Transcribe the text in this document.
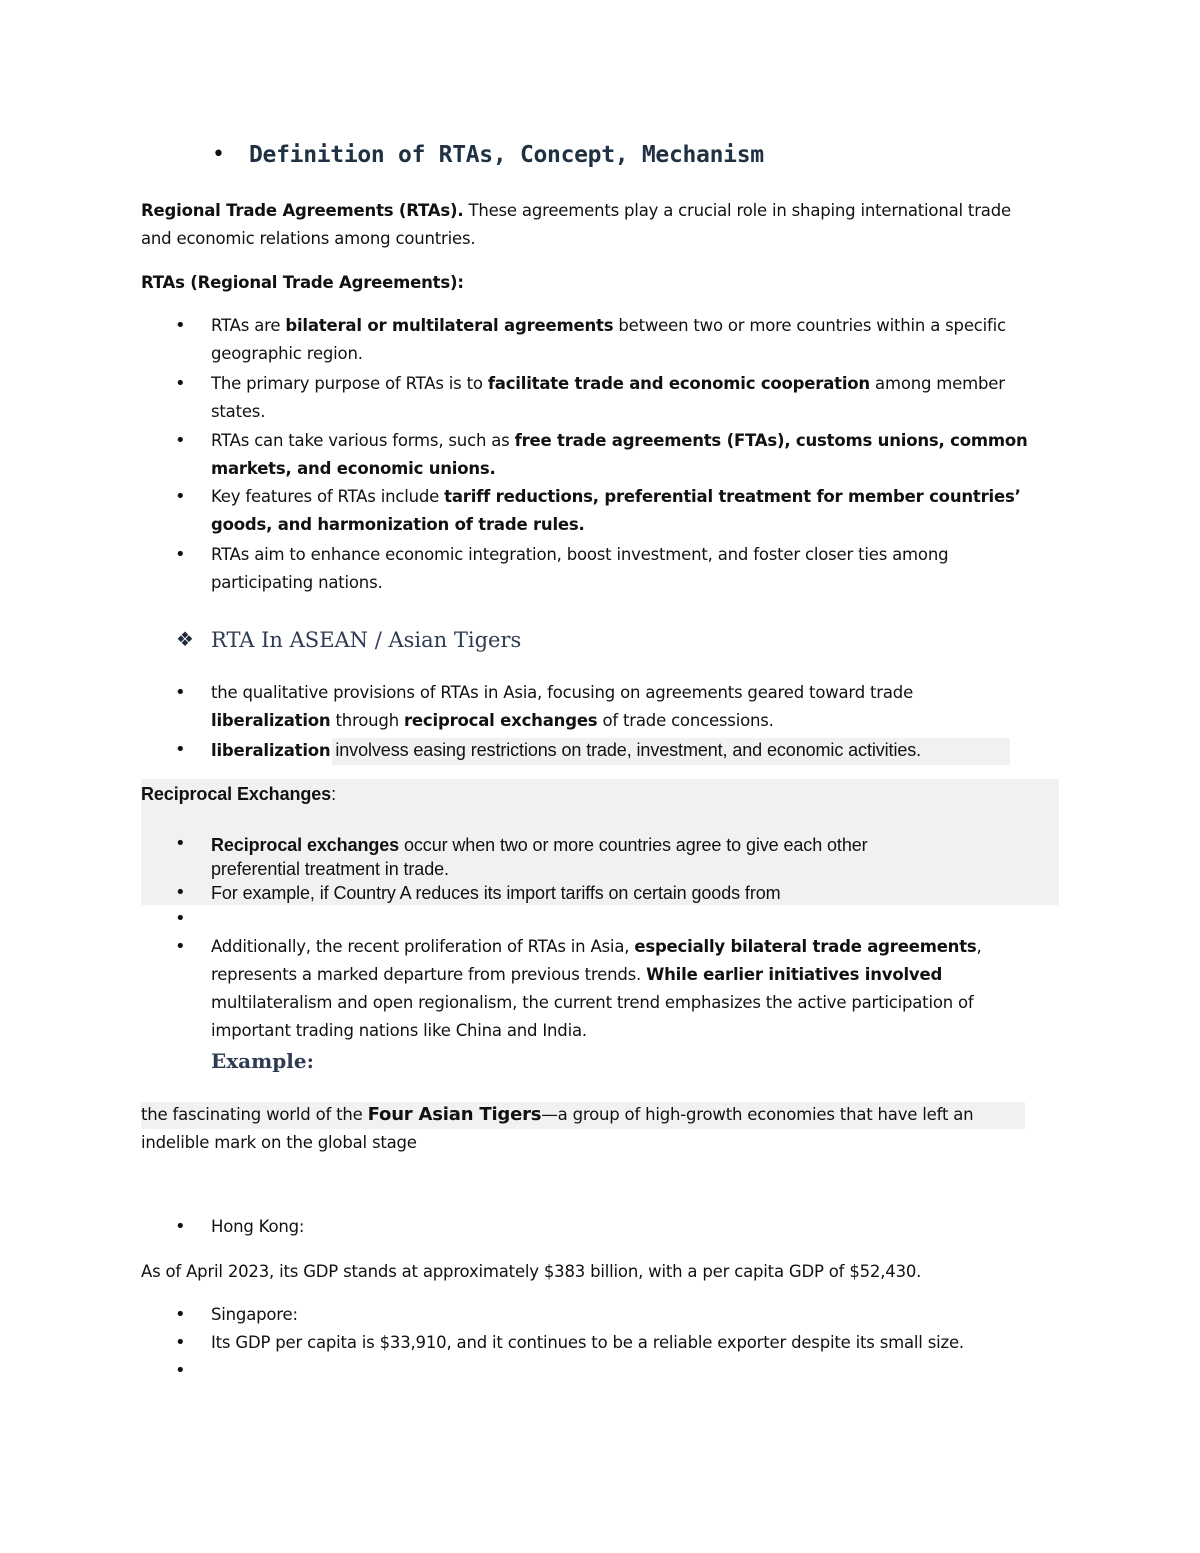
• Definition of RTAs, Concept, Mechanism
Regional Trade Agreements (RTAs). These agreements play a crucial role in shaping international trade
and economic relations among countries.
RTAs (Regional Trade Agreements):
• RTAs are bilateral or multilateral agreements between two or more countries within a specific
geographic region.
• The primary purpose of RTAs is to facilitate trade and economic cooperation among member
states.
• RTAs can take various forms, such as free trade agreements (FTAs), customs unions, common
markets, and economic unions.
• Key features of RTAs include tariff reductions, preferential treatment for member countries’
goods, and harmonization of trade rules.
• RTAs aim to enhance economic integration, boost investment, and foster closer ties among
participating nations.
❖ RTA In ASEAN / Asian Tigers
• the qualitative provisions of RTAs in Asia, focusing on agreements geared toward trade
liberalization through reciprocal exchanges of trade concessions.
• liberalization involvess easing restrictions on trade, investment, and economic activities.
Reciprocal Exchanges:
• Reciprocal exchanges occur when two or more countries agree to give each other
preferential treatment in trade.
• For example, if Country A reduces its import tariffs on certain goods from
•
• Additionally, the recent proliferation of RTAs in Asia, especially bilateral trade agreements,
represents a marked departure from previous trends. While earlier initiatives involved
multilateralism and open regionalism, the current trend emphasizes the active participation of
important trading nations like China and India.
Example:
the fascinating world of the Four Asian Tigers—a group of high-growth economies that have left an
indelible mark on the global stage
• Hong Kong:
As of April 2023, its GDP stands at approximately $383 billion, with a per capita GDP of $52,430.
• Singapore:
• Its GDP per capita is $33,910, and it continues to be a reliable exporter despite its small size.
•
